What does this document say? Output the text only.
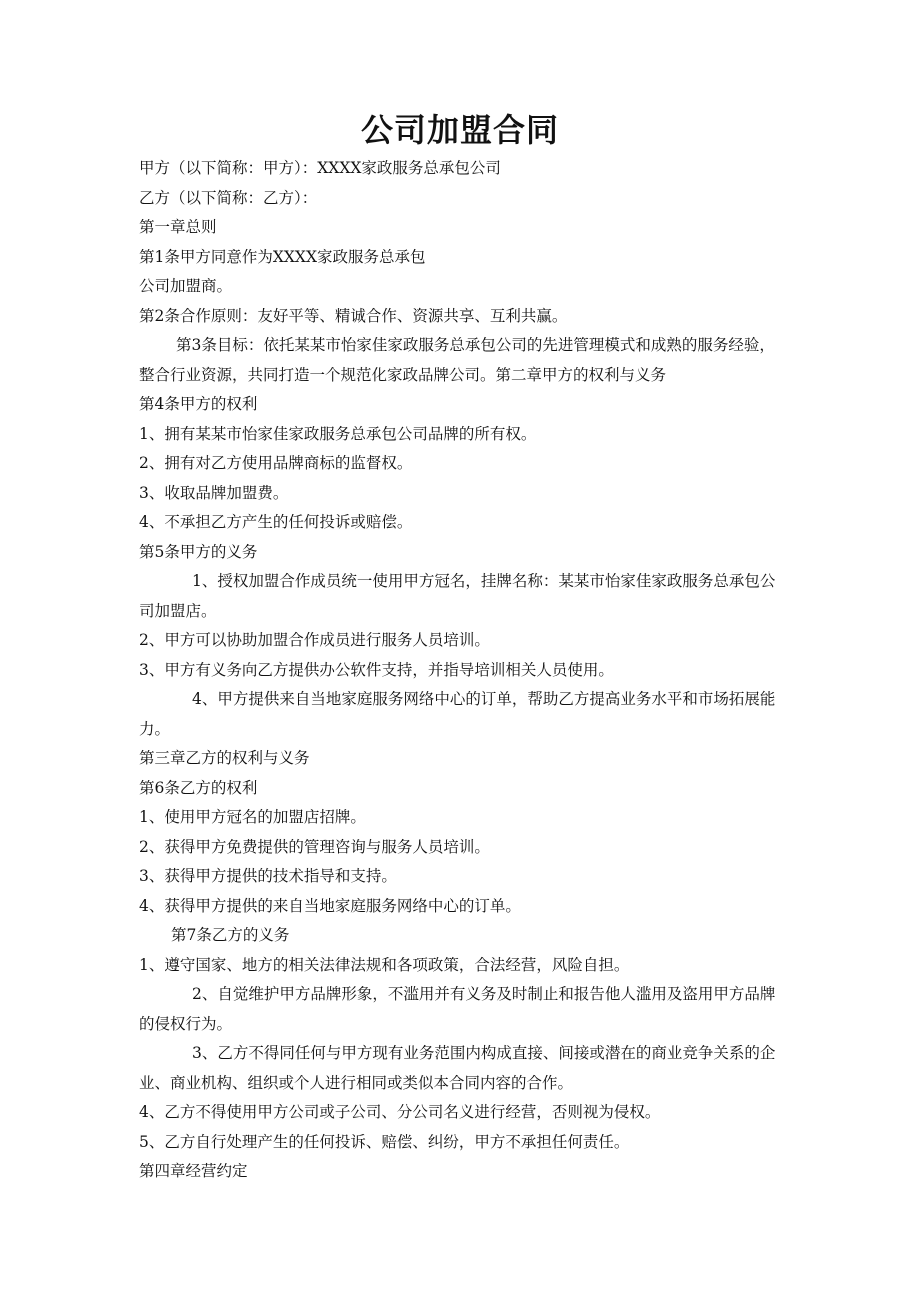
公司加盟合同

甲方（以下简称：甲方）：XXXX家政服务总承包公司

乙方（以下简称：乙方）：

第一章总则

第1条甲方同意作为XXXX家政服务总承包

公司加盟商。

第2条合作原则：友好平等、精诚合作、资源共享、互利共赢。

第3条目标：依托某某市怡家佳家政服务总承包公司的先进管理模式和成熟的服务经验，整合行业资源，共同打造一个规范化家政品牌公司。第二章甲方的权利与义务

第4条甲方的权利

1、拥有某某市怡家佳家政服务总承包公司品牌的所有权。

2、拥有对乙方使用品牌商标的监督权。

3、收取品牌加盟费。

4、不承担乙方产生的任何投诉或赔偿。

第5条甲方的义务

1、授权加盟合作成员统一使用甲方冠名，挂牌名称：某某市怡家佳家政服务总承包公司加盟店。

2、甲方可以协助加盟合作成员进行服务人员培训。

3、甲方有义务向乙方提供办公软件支持，并指导培训相关人员使用。

4、甲方提供来自当地家庭服务网络中心的订单，帮助乙方提高业务水平和市场拓展能力。

第三章乙方的权利与义务

第6条乙方的权利

1、使用甲方冠名的加盟店招牌。

2、获得甲方免费提供的管理咨询与服务人员培训。

3、获得甲方提供的技术指导和支持。

4、获得甲方提供的来自当地家庭服务网络中心的订单。

第7条乙方的义务

1、遵守国家、地方的相关法律法规和各项政策，合法经营，风险自担。

2、自觉维护甲方品牌形象，不滥用并有义务及时制止和报告他人滥用及盗用甲方品牌的侵权行为。

3、乙方不得同任何与甲方现有业务范围内构成直接、间接或潜在的商业竞争关系的企业、商业机构、组织或个人进行相同或类似本合同内容的合作。

4、乙方不得使用甲方公司或子公司、分公司名义进行经营，否则视为侵权。

5、乙方自行处理产生的任何投诉、赔偿、纠纷，甲方不承担任何责任。

第四章经营约定
